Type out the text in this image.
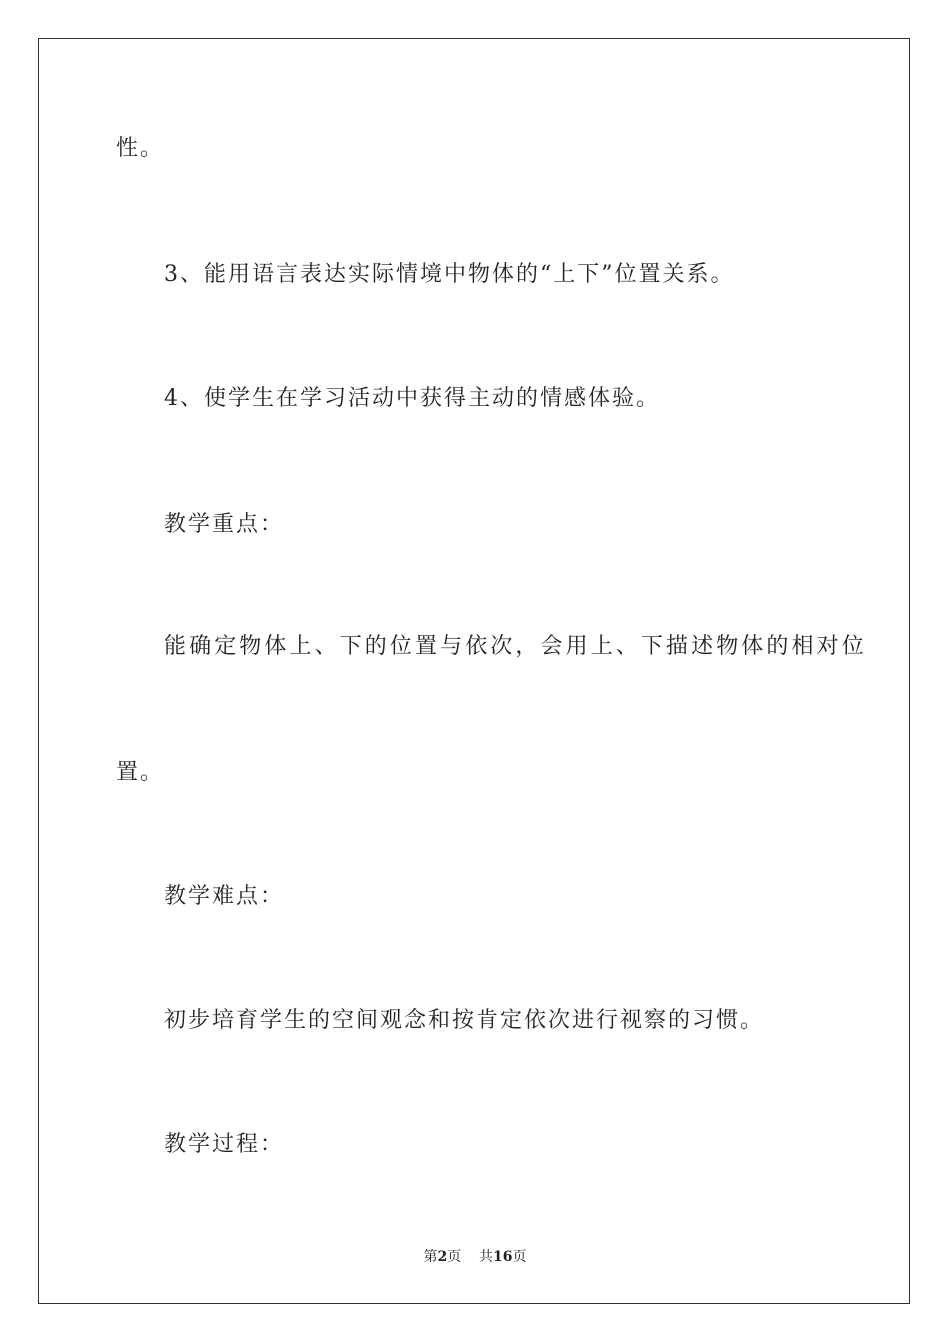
性。
3、能用语言表达实际情境中物体的“上下”位置关系。
4、使学生在学习活动中获得主动的情感体验。
教学重点：
能确定物体上、下的位置与依次，会用上、下描述物体的相对位
置。
教学难点：
初步培育学生的空间观念和按肯定依次进行视察的习惯。
教学过程：
第2页 共16页
